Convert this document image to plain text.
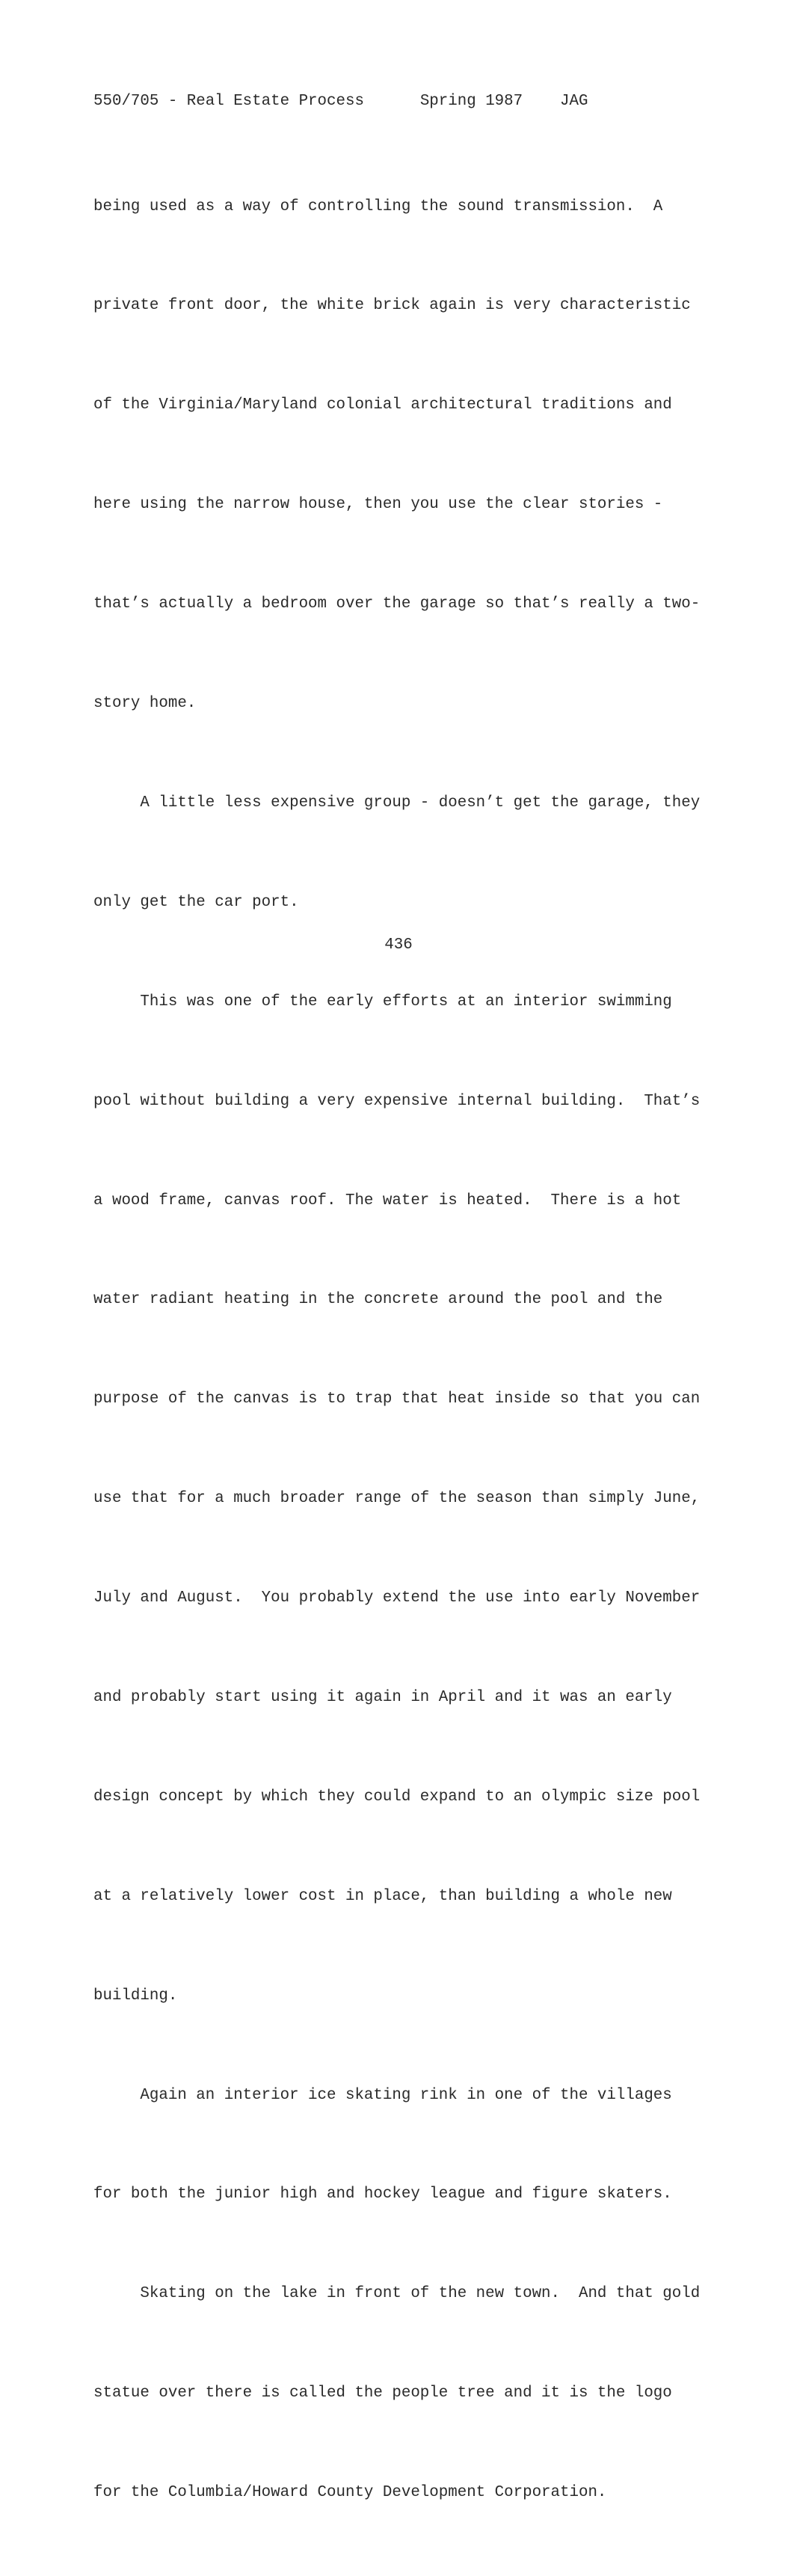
550/705 - Real Estate Process	Spring 1987 JAG

being used as a way of controlling the sound transmission.  A

private front door, the white brick again is very characteristic

of the Virginia/Maryland colonial architectural traditions and

here using the narrow house, then you use the clear stories -

that’s actually a bedroom over the garage so that’s really a two-

story home.

A little less expensive group - doesn’t get the garage, they

only get the car port.

This was one of the early efforts at an interior swimming

pool without building a very expensive internal building.  That’s

a wood frame, canvas roof. The water is heated.  There is a hot

water radiant heating in the concrete around the pool and the

purpose of the canvas is to trap that heat inside so that you can

use that for a much broader range of the season than simply June,

July and August.  You probably extend the use into early November

and probably start using it again in April and it was an early

design concept by which they could expand to an olympic size pool

at a relatively lower cost in place, than building a whole new

building.

Again an interior ice skating rink in one of the villages

for both the junior high and hockey league and figure skaters.

Skating on the lake in front of the new town.  And that gold

statue over there is called the people tree and it is the logo

for the Columbia/Howard County Development Corporation.

436
